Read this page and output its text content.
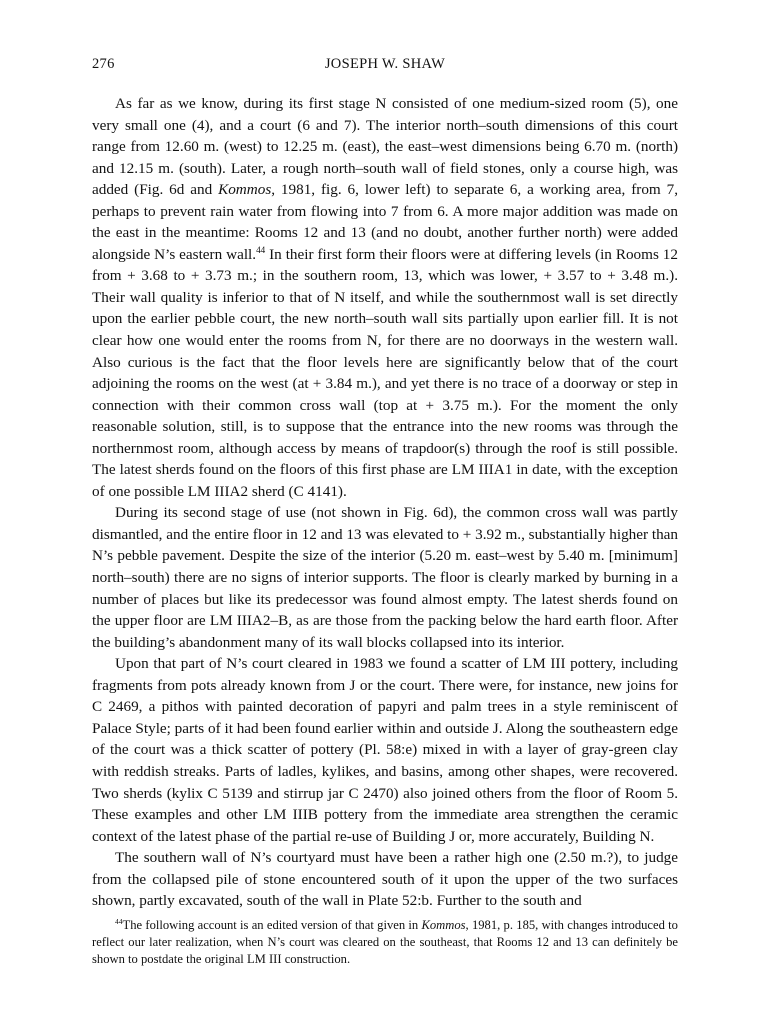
276	JOSEPH W. SHAW

As far as we know, during its first stage N consisted of one medium-sized room (5), one very small one (4), and a court (6 and 7). The interior north–south dimensions of this court range from 12.60 m. (west) to 12.25 m. (east), the east–west dimensions being 6.70 m. (north) and 12.15 m. (south). Later, a rough north–south wall of field stones, only a course high, was added (Fig. 6d and Kommos, 1981, fig. 6, lower left) to separate 6, a working area, from 7, perhaps to prevent rain water from flowing into 7 from 6. A more major addition was made on the east in the meantime: Rooms 12 and 13 (and no doubt, another further north) were added alongside N’s eastern wall.$^{44}$ In their first form their floors were at differing levels (in Rooms 12 from + 3.68 to + 3.73 m.; in the southern room, 13, which was lower, + 3.57 to + 3.48 m.). Their wall quality is inferior to that of N itself, and while the southernmost wall is set directly upon the earlier pebble court, the new north–south wall sits partially upon earlier fill. It is not clear how one would enter the rooms from N, for there are no doorways in the western wall. Also curious is the fact that the floor levels here are significantly below that of the court adjoining the rooms on the west (at + 3.84 m.), and yet there is no trace of a doorway or step in connection with their common cross wall (top at + 3.75 m.). For the moment the only reasonable solution, still, is to suppose that the entrance into the new rooms was through the northernmost room, although access by means of trapdoor(s) through the roof is still possible. The latest sherds found on the floors of this first phase are LM IIIA1 in date, with the exception of one possible LM IIIA2 sherd (C 4141).

During its second stage of use (not shown in Fig. 6d), the common cross wall was partly dismantled, and the entire floor in 12 and 13 was elevated to + 3.92 m., substantially higher than N’s pebble pavement. Despite the size of the interior (5.20 m. east–west by 5.40 m. [minimum] north–south) there are no signs of interior supports. The floor is clearly marked by burning in a number of places but like its predecessor was found almost empty. The latest sherds found on the upper floor are LM IIIA2–B, as are those from the packing below the hard earth floor. After the building’s abandonment many of its wall blocks collapsed into its interior.

Upon that part of N’s court cleared in 1983 we found a scatter of LM III pottery, including fragments from pots already known from J or the court. There were, for instance, new joins for C 2469, a pithos with painted decoration of papyri and palm trees in a style reminiscent of Palace Style; parts of it had been found earlier within and outside J. Along the southeastern edge of the court was a thick scatter of pottery (Pl. 58:e) mixed in with a layer of gray-green clay with reddish streaks. Parts of ladles, kylikes, and basins, among other shapes, were recovered. Two sherds (kylix C 5139 and stirrup jar C 2470) also joined others from the floor of Room 5. These examples and other LM IIIB pottery from the immediate area strengthen the ceramic context of the latest phase of the partial re-use of Building J or, more accurately, Building N.

The southern wall of N’s courtyard must have been a rather high one (2.50 m.?), to judge from the collapsed pile of stone encountered south of it upon the upper of the two surfaces shown, partly excavated, south of the wall in Plate 52:b. Further to the south and

$^{44}$The following account is an edited version of that given in Kommos, 1981, p. 185, with changes introduced to reflect our later realization, when N’s court was cleared on the southeast, that Rooms 12 and 13 can definitely be shown to postdate the original LM III construction.
